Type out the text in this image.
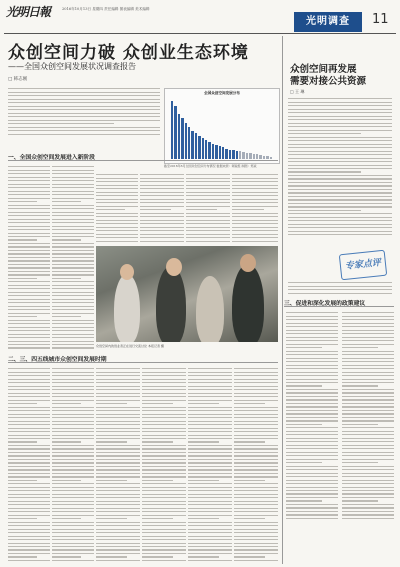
光明日報	2016年10月13日 星期四 责任编辑 图表编辑 美术编辑
光明调查	11
众创空间力破 众创业生态环境
——全国众创空间发展状况调查报告
□ 韩志刚
全国众创空间发展分布
截至2016年6月全国众创空间分布情况 数据来源：调查组 制图：郑斌
一、全国众创空间发展进入新阶段
众创空间内的创业者正在进行交流讨论 本报记者 摄
二、三、四五线城市众创空间发展时期
众创空间再发展
需要对接公共资源
□ 王 琳
专家点评
三、促进和深化发展的政策建议
